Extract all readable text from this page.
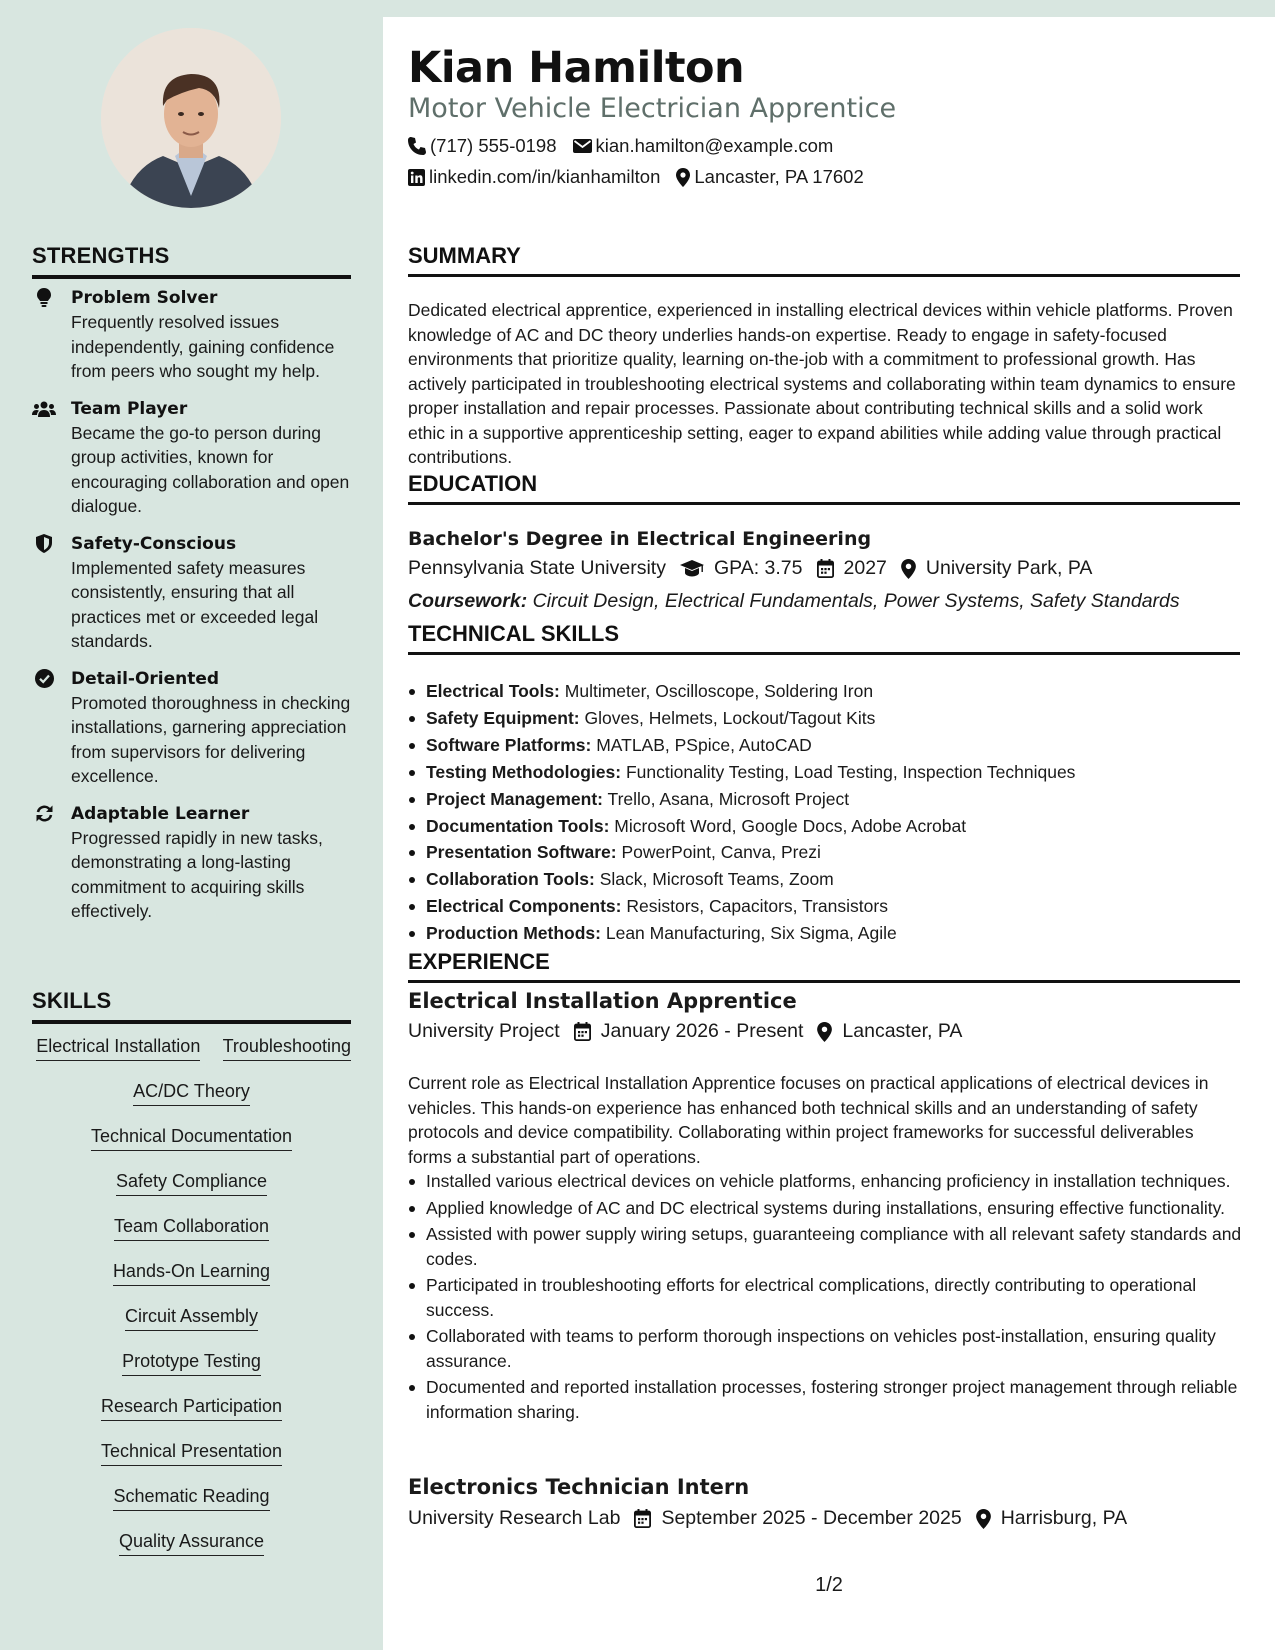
STRENGTHS
Problem Solver
Frequently resolved issues independently, gaining confidence from peers who sought my help.
Team Player
Became the go-to person during group activities, known for encouraging collaboration and open dialogue.
Safety-Conscious
Implemented safety measures consistently, ensuring that all practices met or exceeded legal standards.
Detail-Oriented
Promoted thoroughness in checking installations, garnering appreciation from supervisors for delivering excellence.
Adaptable Learner
Progressed rapidly in new tasks, demonstrating a long-lasting commitment to acquiring skills effectively.
SKILLS
Electrical Installation Troubleshooting
AC/DC Theory
Technical Documentation
Safety Compliance
Team Collaboration
Hands-On Learning
Circuit Assembly
Prototype Testing
Research Participation
Technical Presentation
Schematic Reading
Quality Assurance
Kian Hamilton
Motor Vehicle Electrician Apprentice
(717) 555-0198 kian.hamilton@example.com
linkedin.com/in/kianhamilton Lancaster, PA 17602
SUMMARY
Dedicated electrical apprentice, experienced in installing electrical devices within vehicle platforms. Proven knowledge of AC and DC theory underlies hands-on expertise. Ready to engage in safety-focused environments that prioritize quality, learning on-the-job with a commitment to professional growth. Has actively participated in troubleshooting electrical systems and collaborating within team dynamics to ensure proper installation and repair processes. Passionate about contributing technical skills and a solid work ethic in a supportive apprenticeship setting, eager to expand abilities while adding value through practical contributions.
EDUCATION
Bachelor's Degree in Electrical Engineering
Pennsylvania State University GPA: 3.75 2027 University Park, PA
Coursework: Circuit Design, Electrical Fundamentals, Power Systems, Safety Standards
TECHNICAL SKILLS
Electrical Tools: Multimeter, Oscilloscope, Soldering Iron
Safety Equipment: Gloves, Helmets, Lockout/Tagout Kits
Software Platforms: MATLAB, PSpice, AutoCAD
Testing Methodologies: Functionality Testing, Load Testing, Inspection Techniques
Project Management: Trello, Asana, Microsoft Project
Documentation Tools: Microsoft Word, Google Docs, Adobe Acrobat
Presentation Software: PowerPoint, Canva, Prezi
Collaboration Tools: Slack, Microsoft Teams, Zoom
Electrical Components: Resistors, Capacitors, Transistors
Production Methods: Lean Manufacturing, Six Sigma, Agile
EXPERIENCE
Electrical Installation Apprentice
University Project January 2026 - Present Lancaster, PA
Current role as Electrical Installation Apprentice focuses on practical applications of electrical devices in vehicles. This hands-on experience has enhanced both technical skills and an understanding of safety protocols and device compatibility. Collaborating within project frameworks for successful deliverables forms a substantial part of operations.
Installed various electrical devices on vehicle platforms, enhancing proficiency in installation techniques.
Applied knowledge of AC and DC electrical systems during installations, ensuring effective functionality.
Assisted with power supply wiring setups, guaranteeing compliance with all relevant safety standards and codes.
Participated in troubleshooting efforts for electrical complications, directly contributing to operational success.
Collaborated with teams to perform thorough inspections on vehicles post-installation, ensuring quality assurance.
Documented and reported installation processes, fostering stronger project management through reliable information sharing.
Electronics Technician Intern
University Research Lab September 2025 - December 2025 Harrisburg, PA
1/2
